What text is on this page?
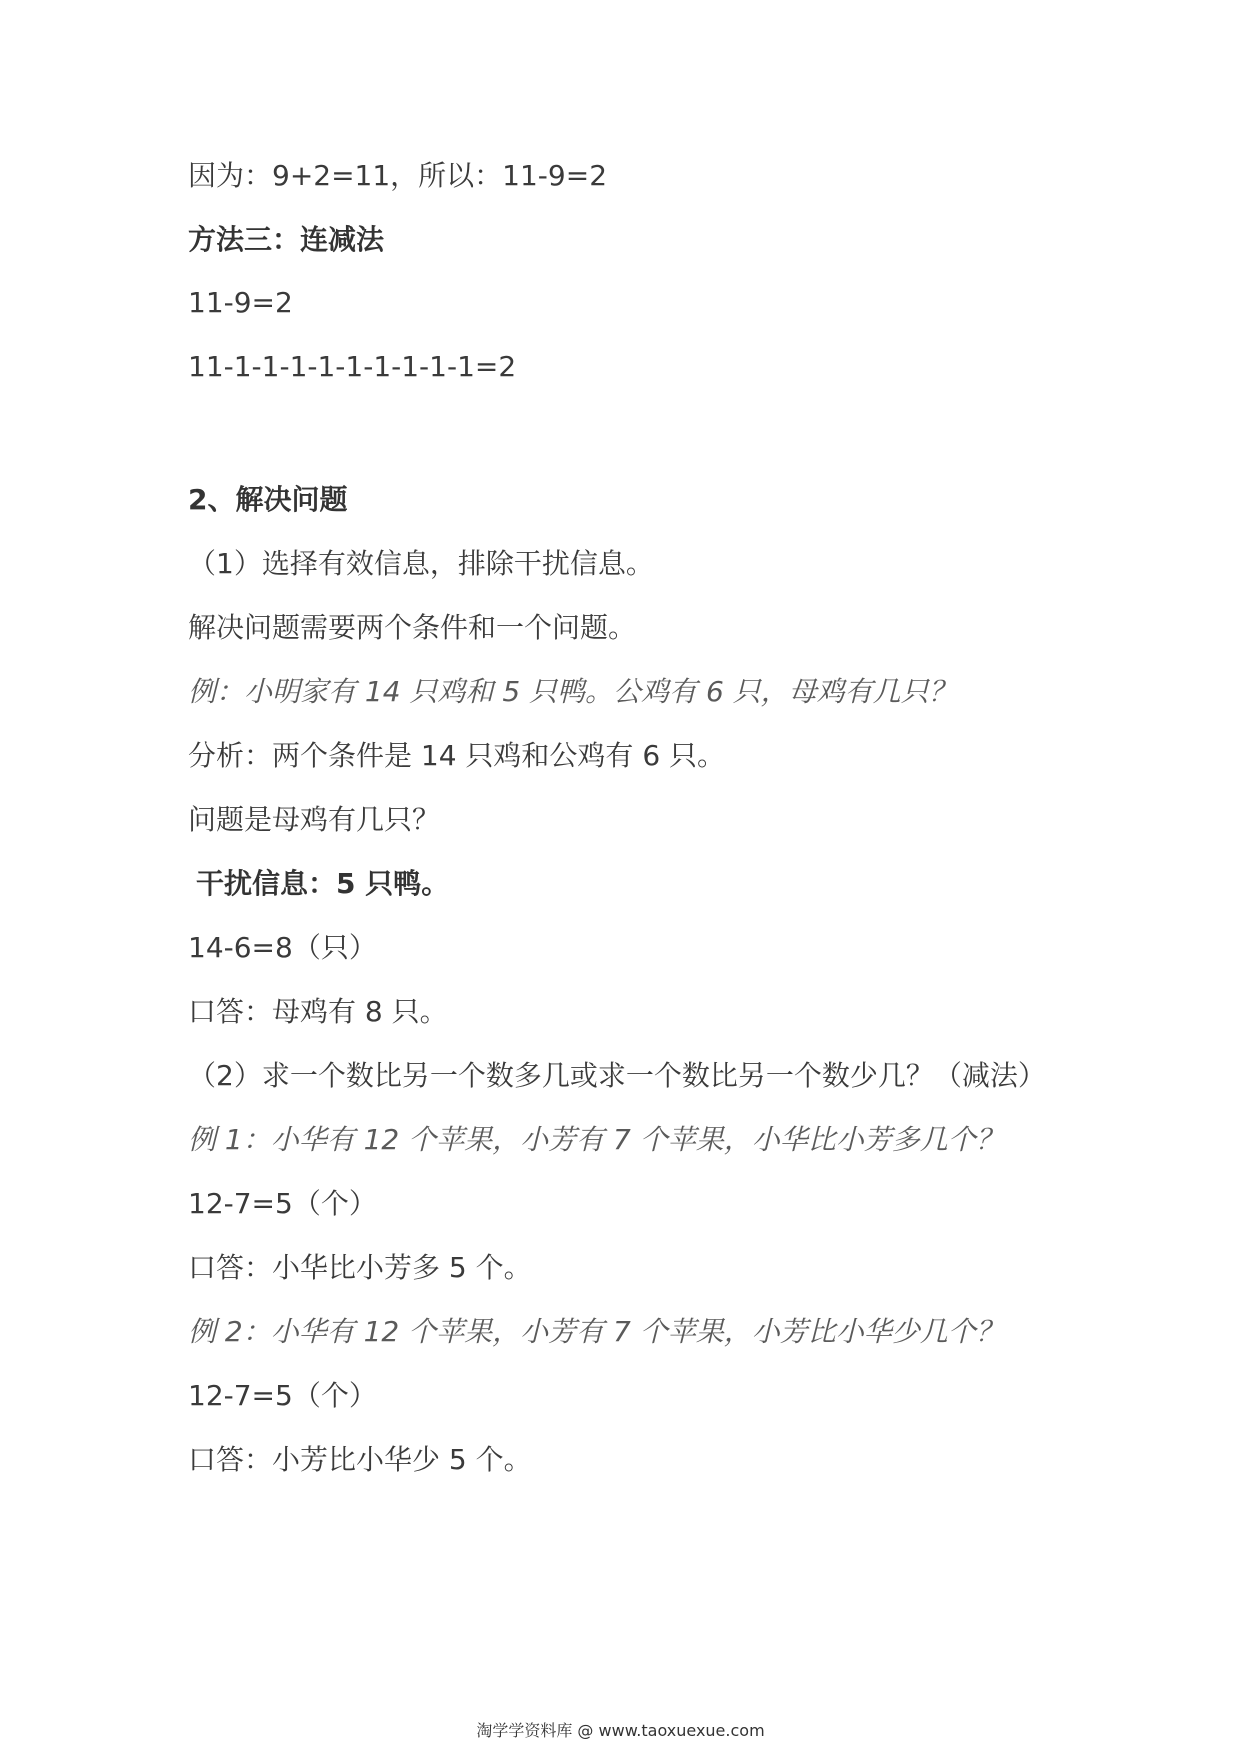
因为：9+2=11，所以：11-9=2
方法三：连减法
11-9=2
11-1-1-1-1-1-1-1-1-1=2
2、解决问题
（1）选择有效信息，排除干扰信息。
解决问题需要两个条件和一个问题。
例：小明家有 14 只鸡和 5 只鸭。公鸡有 6 只，母鸡有几只？
分析：两个条件是 14 只鸡和公鸡有 6 只。
问题是母鸡有几只？
干扰信息：5 只鸭。
14-6=8（只）
口答：母鸡有 8 只。
（2）求一个数比另一个数多几或求一个数比另一个数少几？（减法）
例 1：小华有 12 个苹果，小芳有 7 个苹果，小华比小芳多几个？
12-7=5（个）
口答：小华比小芳多 5 个。
例 2：小华有 12 个苹果，小芳有 7 个苹果，小芳比小华少几个？
12-7=5（个）
口答：小芳比小华少 5 个。
淘学学资料库 @ www.taoxuexue.com
